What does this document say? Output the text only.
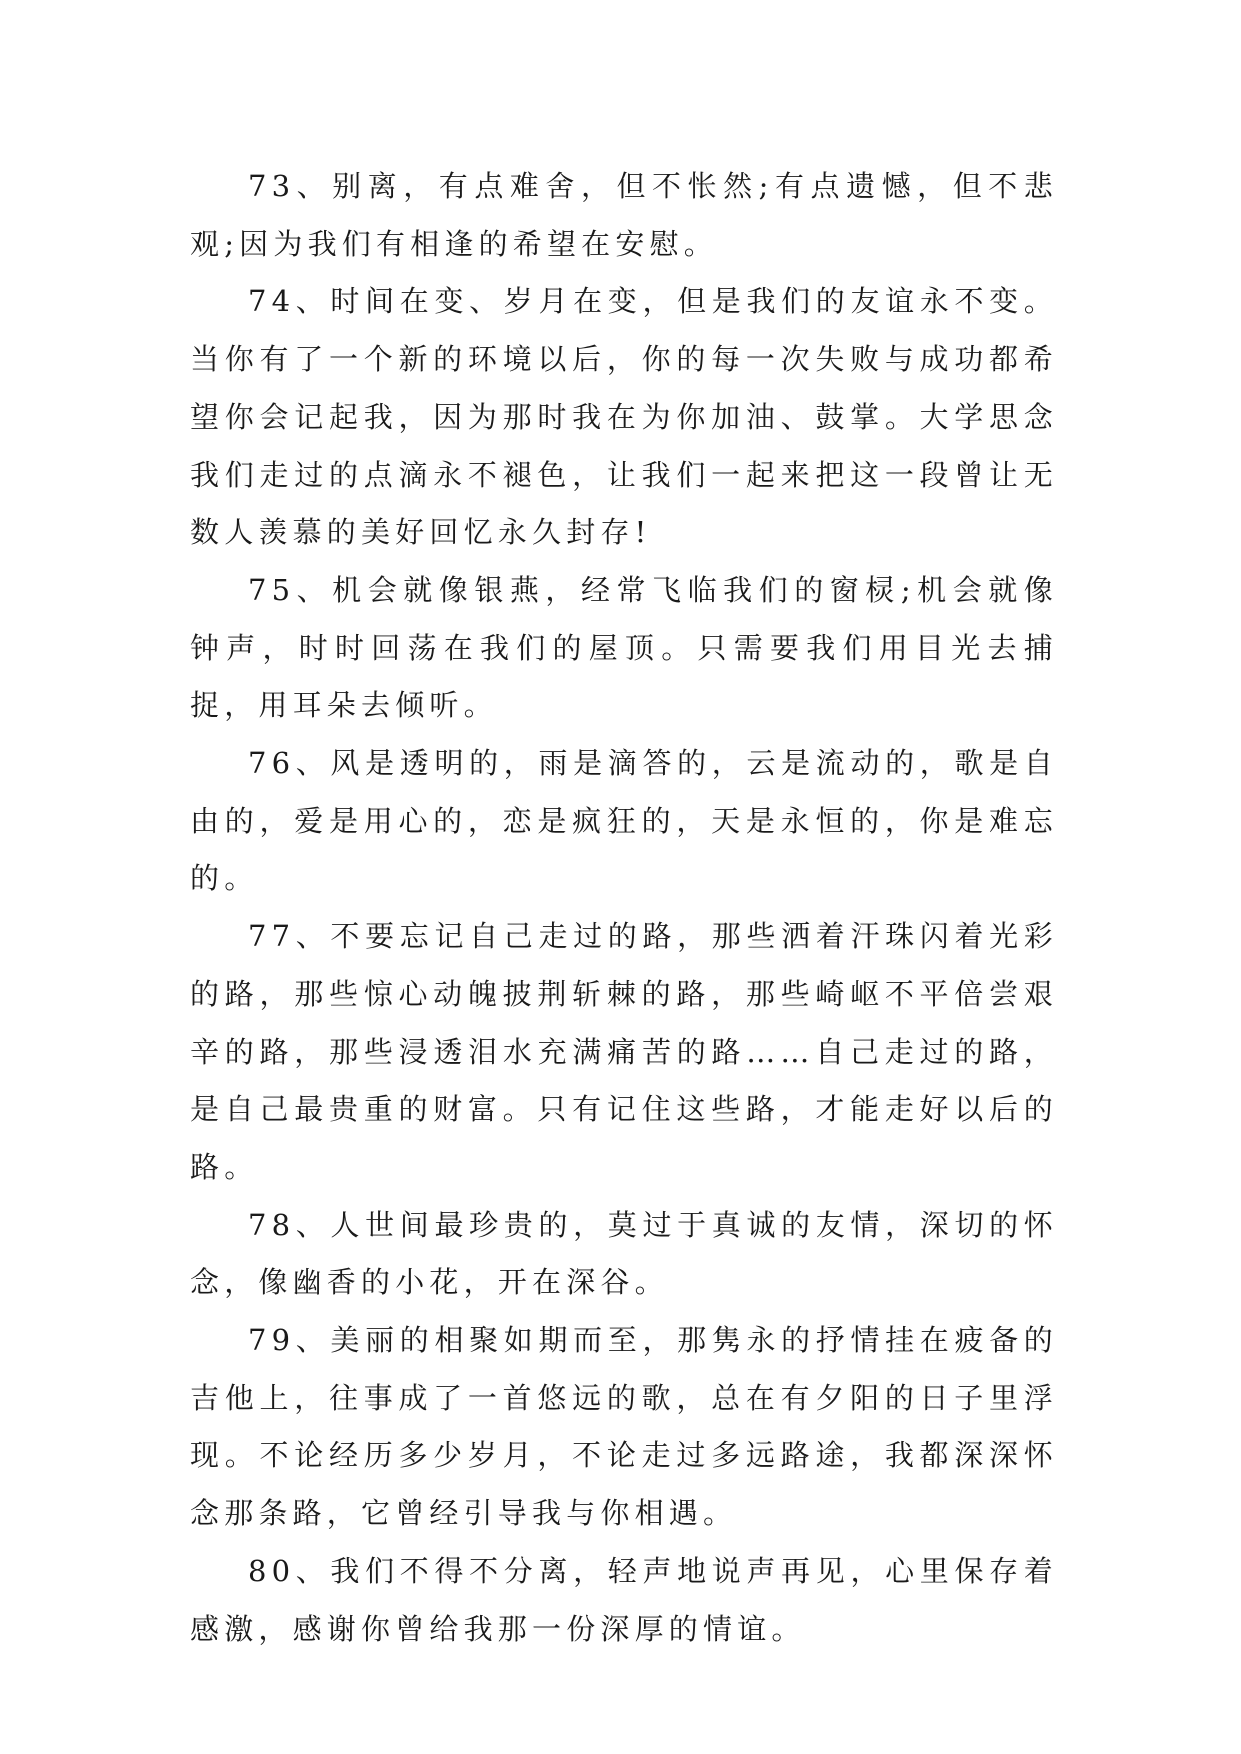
73、别离，有点难舍，但不怅然;有点遗憾，但不悲观;因为我们有相逢的希望在安慰。

74、时间在变、岁月在变，但是我们的友谊永不变。当你有了一个新的环境以后，你的每一次失败与成功都希望你会记起我，因为那时我在为你加油、鼓掌。大学思念我们走过的点滴永不褪色，让我们一起来把这一段曾让无数人羡慕的美好回忆永久封存!

75、机会就像银燕，经常飞临我们的窗棂;机会就像钟声，时时回荡在我们的屋顶。只需要我们用目光去捕捉，用耳朵去倾听。

76、风是透明的，雨是滴答的，云是流动的，歌是自由的，爱是用心的，恋是疯狂的，天是永恒的，你是难忘的。

77、不要忘记自己走过的路，那些洒着汗珠闪着光彩的路，那些惊心动魄披荆斩棘的路，那些崎岖不平倍尝艰辛的路，那些浸透泪水充满痛苦的路……自己走过的路，是自己最贵重的财富。只有记住这些路，才能走好以后的路。

78、人世间最珍贵的，莫过于真诚的友情，深切的怀念，像幽香的小花，开在深谷。

79、美丽的相聚如期而至，那隽永的抒情挂在疲备的吉他上，往事成了一首悠远的歌，总在有夕阳的日子里浮现。不论经历多少岁月，不论走过多远路途，我都深深怀念那条路，它曾经引导我与你相遇。

80、我们不得不分离，轻声地说声再见，心里保存着感激，感谢你曾给我那一份深厚的情谊。
